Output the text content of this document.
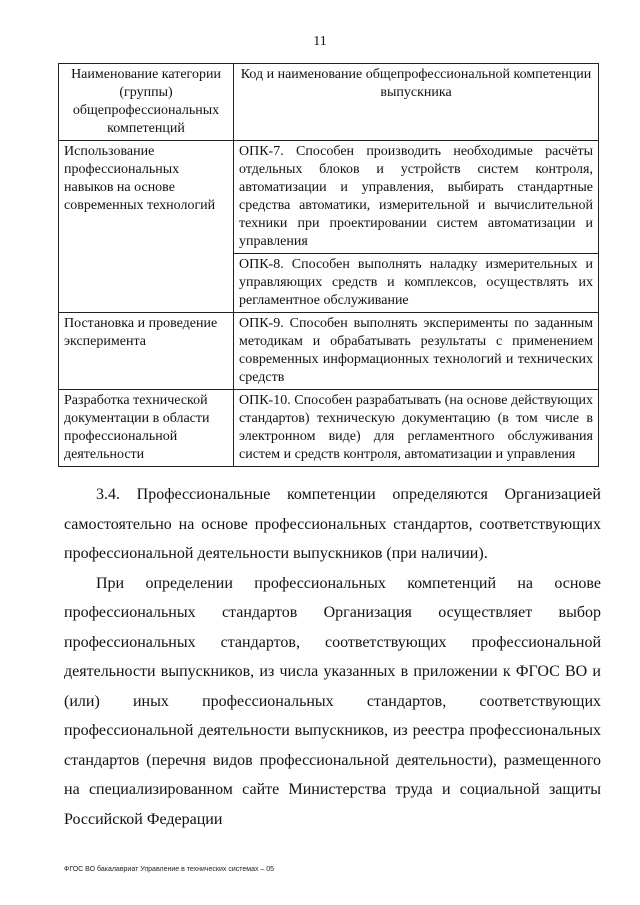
11
Наименование категории (группы) общепрофессиональных компетенций	Код и наименование общепрофессиональной компетенции выпускника
Использование профессиональных навыков на основе современных технологий	ОПК-7. Способен производить необходимые расчёты отдельных блоков и устройств систем контроля, автоматизации и управления, выбирать стандартные средства автоматики, измерительной и вычислительной техники при проектировании систем автоматизации и управления
	ОПК-8. Способен выполнять наладку измерительных и управляющих средств и комплексов, осуществлять их регламентное обслуживание
Постановка и проведение эксперимента	ОПК-9. Способен выполнять эксперименты по заданным методикам и обрабатывать результаты с применением современных информационных технологий и технических средств
Разработка технической документации в области профессиональной деятельности	ОПК-10. Способен разрабатывать (на основе действующих стандартов) техническую документацию (в том числе в электронном виде) для регламентного обслуживания систем и средств контроля, автоматизации и управления

3.4. Профессиональные компетенции определяются Организацией самостоятельно на основе профессиональных стандартов, соответствующих профессиональной деятельности выпускников (при наличии).

При определении профессиональных компетенций на основе профессиональных стандартов Организация осуществляет выбор профессиональных стандартов, соответствующих профессиональной деятельности выпускников, из числа указанных в приложении к ФГОС ВО и (или) иных профессиональных стандартов, соответствующих профессиональной деятельности выпускников, из реестра профессиональных стандартов (перечня видов профессиональной деятельности), размещенного на специализированном сайте Министерства труда и социальной защиты Российской Федерации

ФГОС ВО бакалавриат Управление в технических системах – 05
